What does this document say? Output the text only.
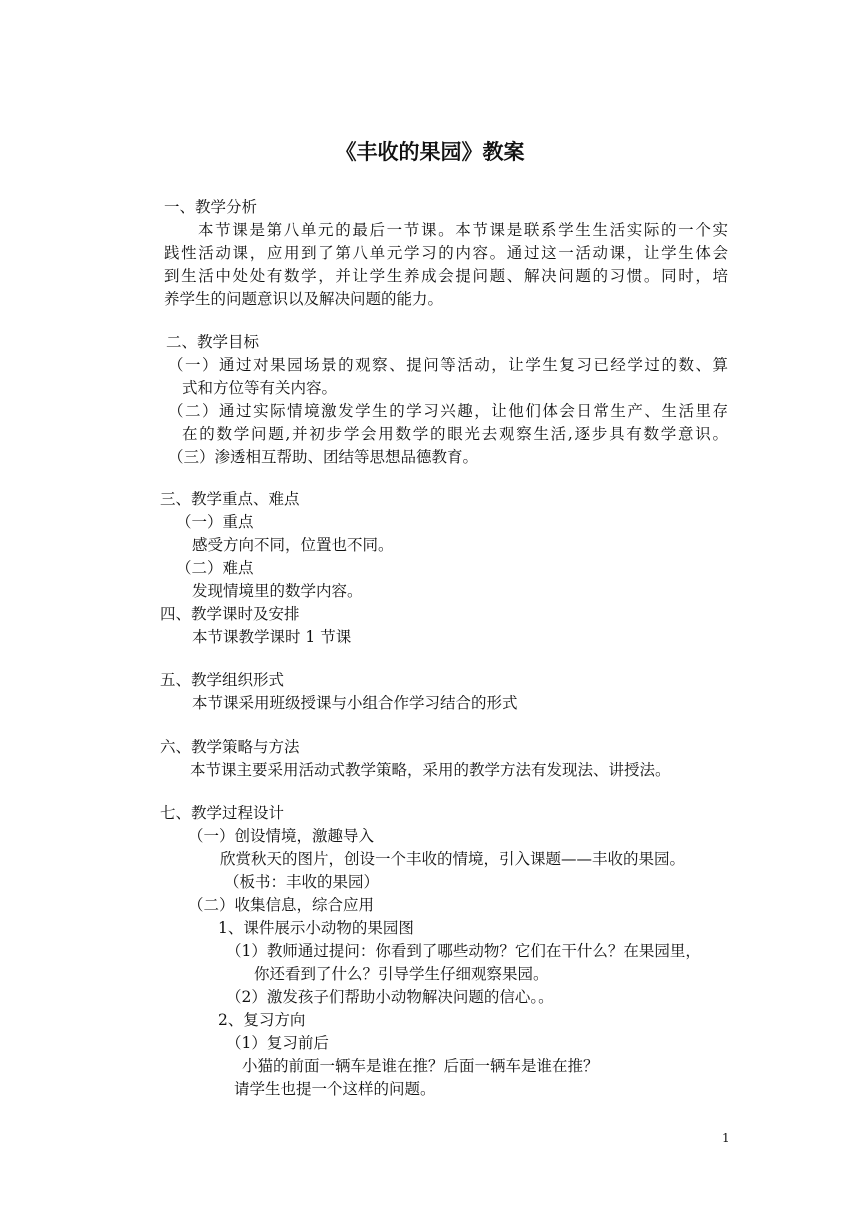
《丰收的果园》教案
一、教学分析
本节课是第八单元的最后一节课。本节课是联系学生生活实际的一个实
践性活动课，应用到了第八单元学习的内容。通过这一活动课，让学生体会
到生活中处处有数学，并让学生养成会提问题、解决问题的习惯。同时，培
养学生的问题意识以及解决问题的能力。
二、教学目标
（一）通过对果园场景的观察、提问等活动，让学生复习已经学过的数、算
式和方位等有关内容。
（二）通过实际情境激发学生的学习兴趣，让他们体会日常生产、生活里存
在的数学问题,并初步学会用数学的眼光去观察生活,逐步具有数学意识。
（三）渗透相互帮助、团结等思想品德教育。
三、教学重点、难点
（一）重点
感受方向不同，位置也不同。
（二）难点
发现情境里的数学内容。
四、教学课时及安排
本节课教学课时 1 节课
五、教学组织形式
本节课采用班级授课与小组合作学习结合的形式
六、教学策略与方法
本节课主要采用活动式教学策略，采用的教学方法有发现法、讲授法。
七、教学过程设计
（一）创设情境，激趣导入
欣赏秋天的图片，创设一个丰收的情境，引入课题——丰收的果园。
（板书：丰收的果园）
（二）收集信息，综合应用
1、课件展示小动物的果园图
（1）教师通过提问：你看到了哪些动物？它们在干什么？在果园里，
你还看到了什么？引导学生仔细观察果园。
（2）激发孩子们帮助小动物解决问题的信心。。
2、复习方向
（1）复习前后
小猫的前面一辆车是谁在推？后面一辆车是谁在推？
请学生也提一个这样的问题。
1
